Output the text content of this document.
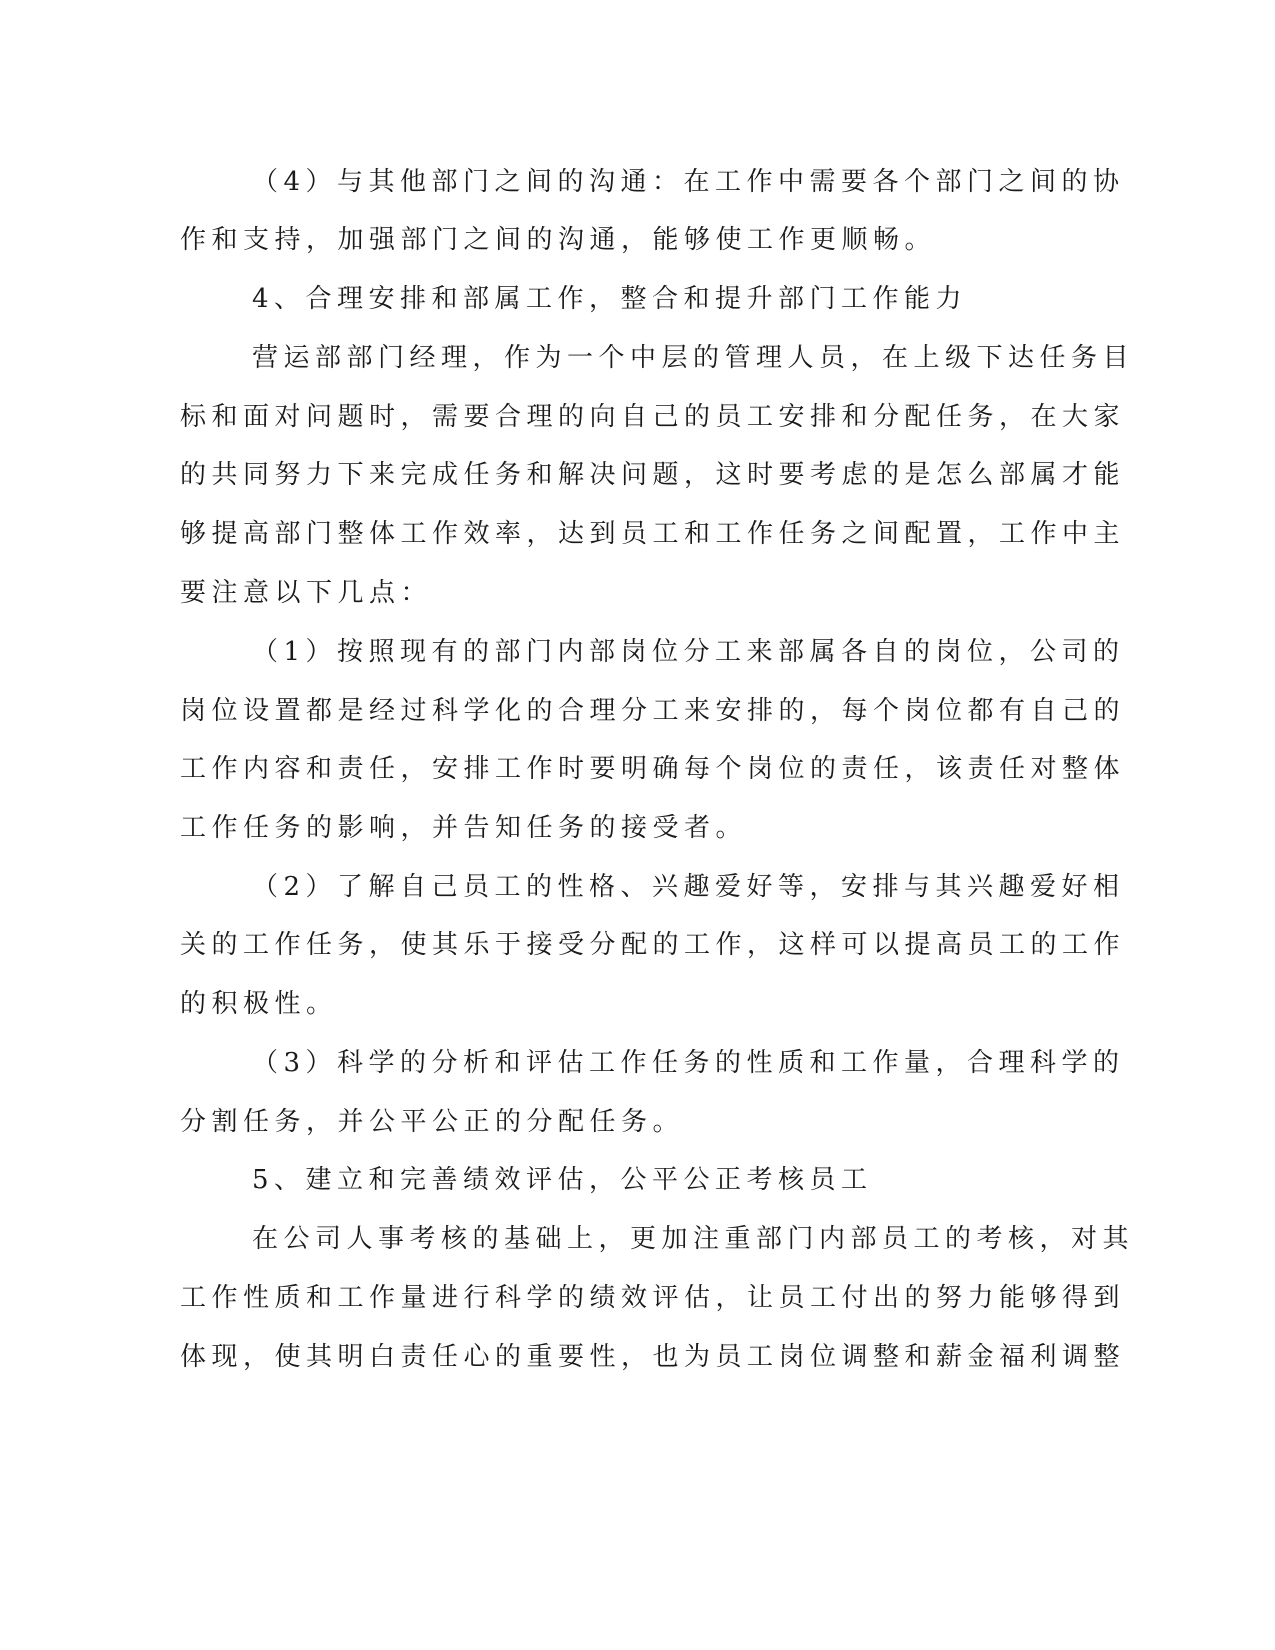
（4）与其他部门之间的沟通：在工作中需要各个部门之间的协
作和支持，加强部门之间的沟通，能够使工作更顺畅。
4、合理安排和部属工作，整合和提升部门工作能力
营运部部门经理，作为一个中层的管理人员，在上级下达任务目
标和面对问题时，需要合理的向自己的员工安排和分配任务，在大家
的共同努力下来完成任务和解决问题，这时要考虑的是怎么部属才能
够提高部门整体工作效率，达到员工和工作任务之间配置，工作中主
要注意以下几点：
（1）按照现有的部门内部岗位分工来部属各自的岗位，公司的
岗位设置都是经过科学化的合理分工来安排的，每个岗位都有自己的
工作内容和责任，安排工作时要明确每个岗位的责任，该责任对整体
工作任务的影响，并告知任务的接受者。
（2）了解自己员工的性格、兴趣爱好等，安排与其兴趣爱好相
关的工作任务，使其乐于接受分配的工作，这样可以提高员工的工作
的积极性。
（3）科学的分析和评估工作任务的性质和工作量，合理科学的
分割任务，并公平公正的分配任务。
5、建立和完善绩效评估，公平公正考核员工
在公司人事考核的基础上，更加注重部门内部员工的考核，对其
工作性质和工作量进行科学的绩效评估，让员工付出的努力能够得到
体现，使其明白责任心的重要性，也为员工岗位调整和薪金福利调整
